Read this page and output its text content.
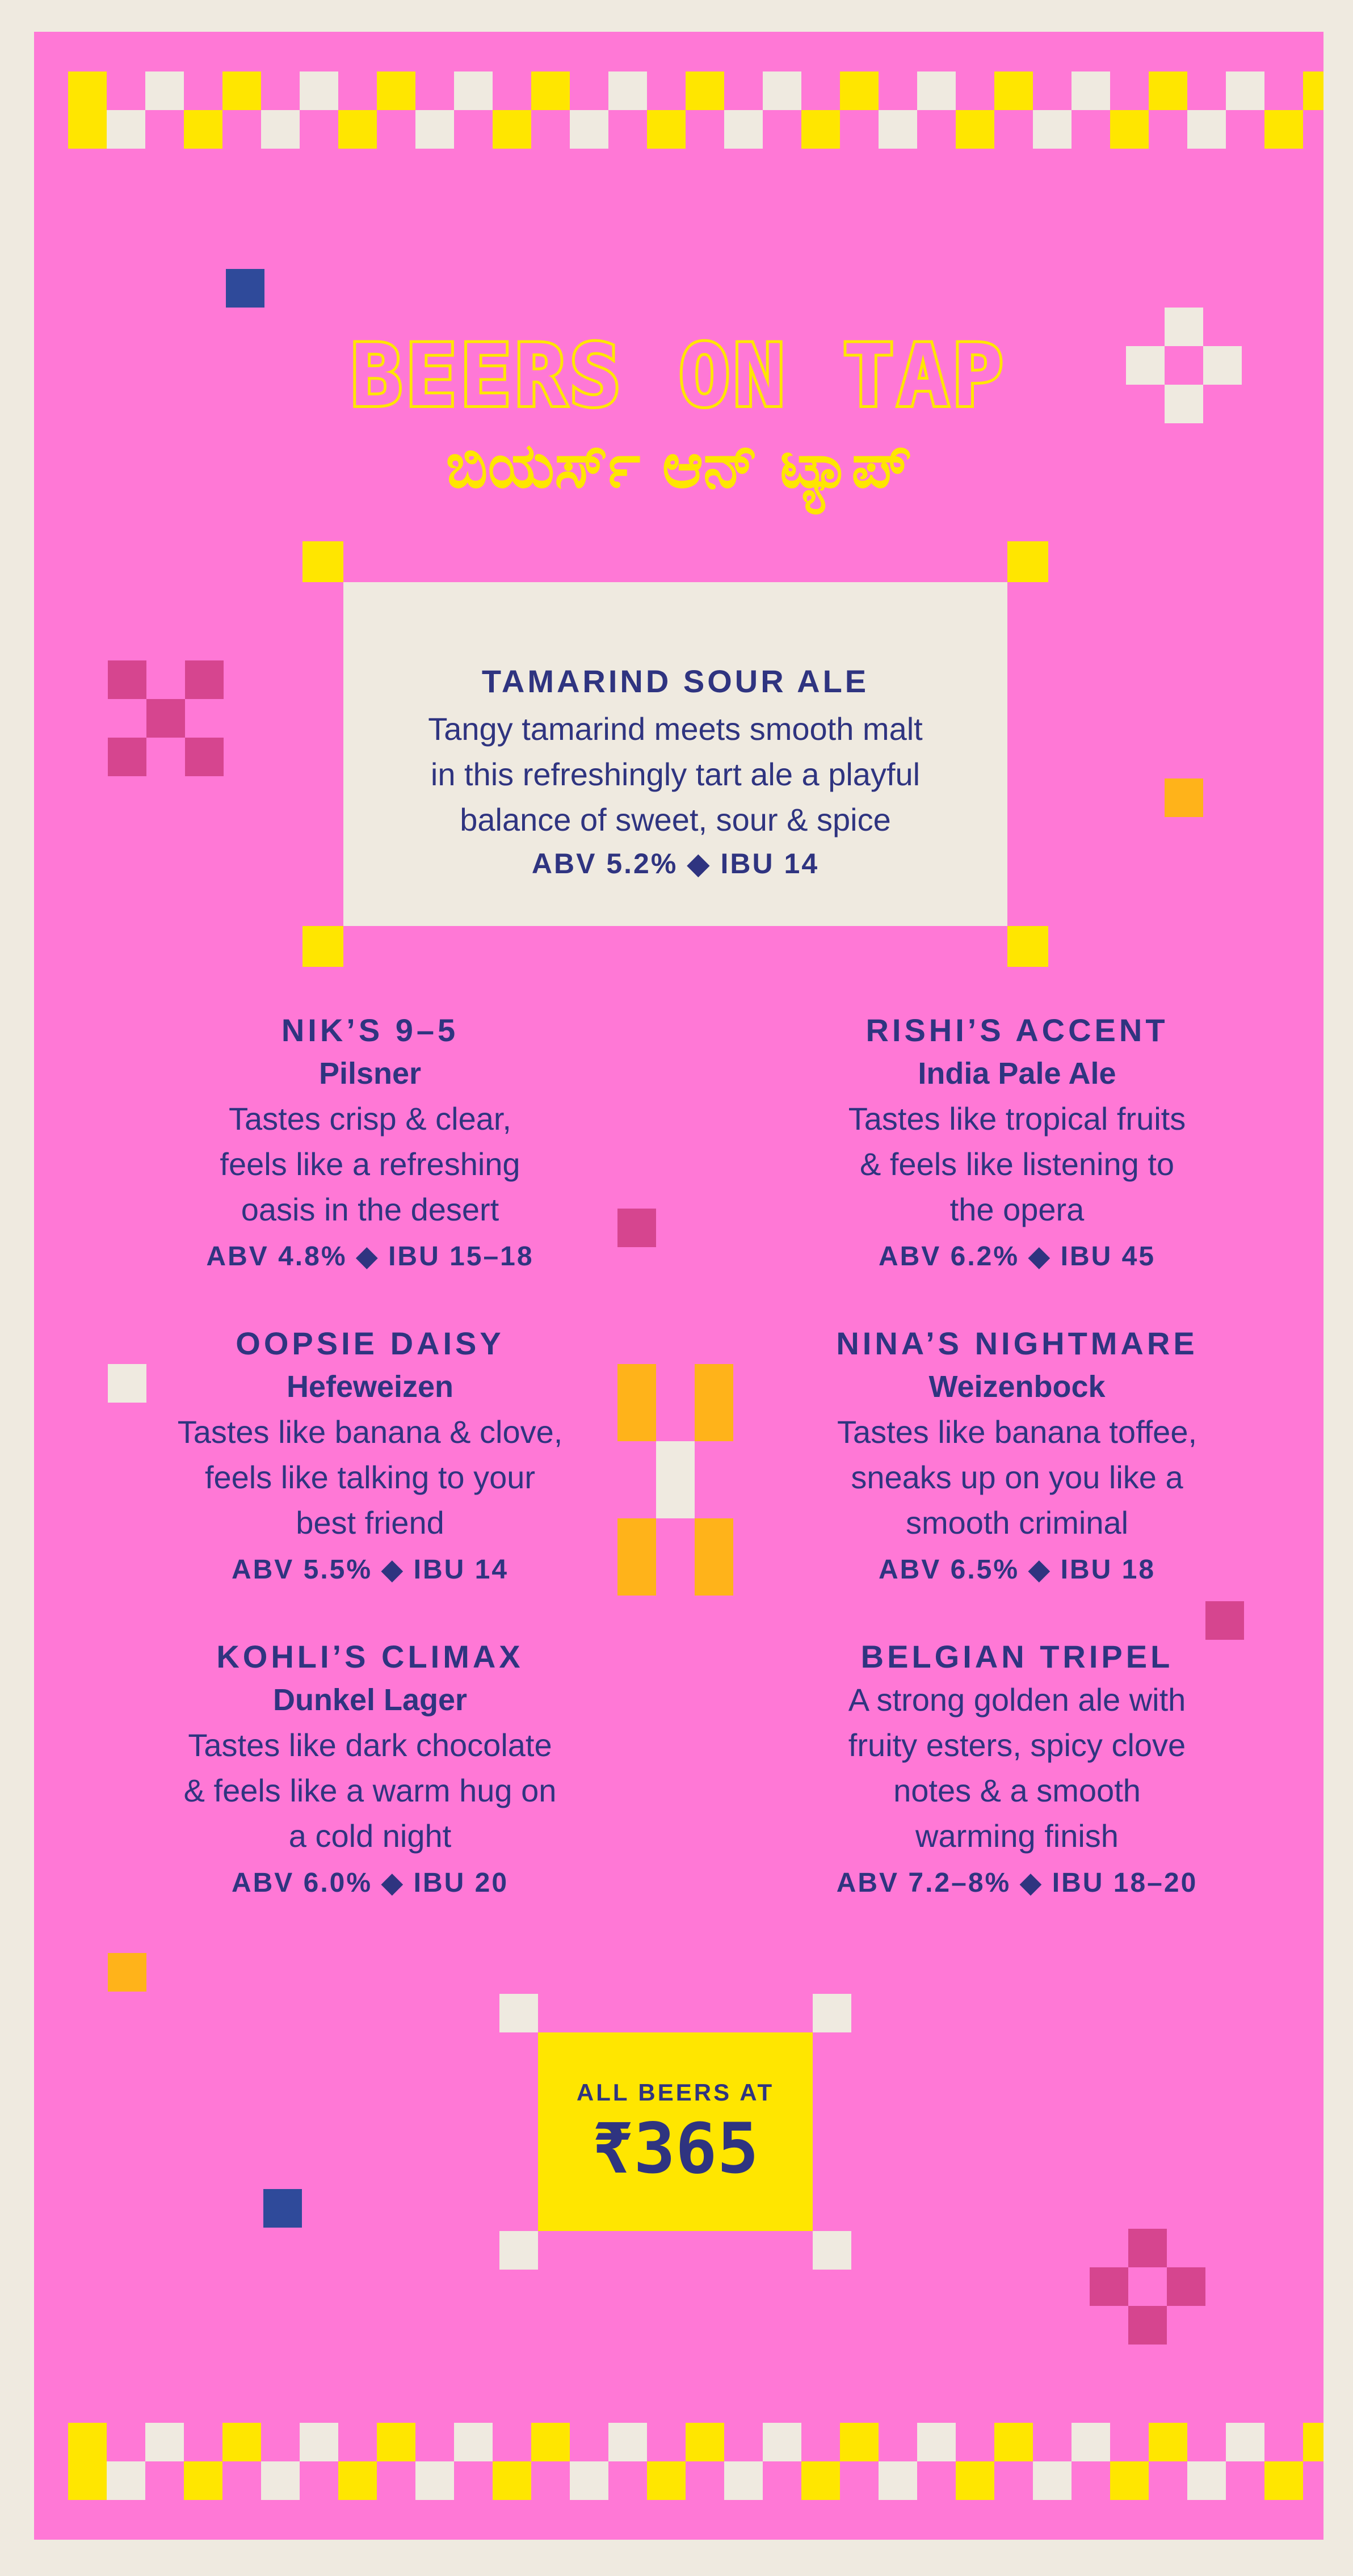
BEERS ON TAP
ಬಿಯರ್ಸ್ ಆನ್ ಟ್ಯಾಪ್
TAMARIND SOUR ALE
Tangy tamarind meets smooth malt
in this refreshingly tart ale a playful
balance of sweet, sour & spice
ABV 5.2% ◆ IBU 14
NIK’S 9–5
Pilsner
Tastes crisp & clear,
feels like a refreshing
oasis in the desert
ABV 4.8% ◆ IBU 15–18
RISHI’S ACCENT
India Pale Ale
Tastes like tropical fruits
& feels like listening to
the opera
ABV 6.2% ◆ IBU 45
OOPSIE DAISY
Hefeweizen
Tastes like banana & clove,
feels like talking to your
best friend
ABV 5.5% ◆ IBU 14
NINA’S NIGHTMARE
Weizenbock
Tastes like banana toffee,
sneaks up on you like a
smooth criminal
ABV 6.5% ◆ IBU 18
KOHLI’S CLIMAX
Dunkel Lager
Tastes like dark chocolate
& feels like a warm hug on
a cold night
ABV 6.0% ◆ IBU 20
BELGIAN TRIPEL
A strong golden ale with
fruity esters, spicy clove
notes & a smooth
warming finish
ABV 7.2–8% ◆ IBU 18–20
ALL BEERS AT
₹365
